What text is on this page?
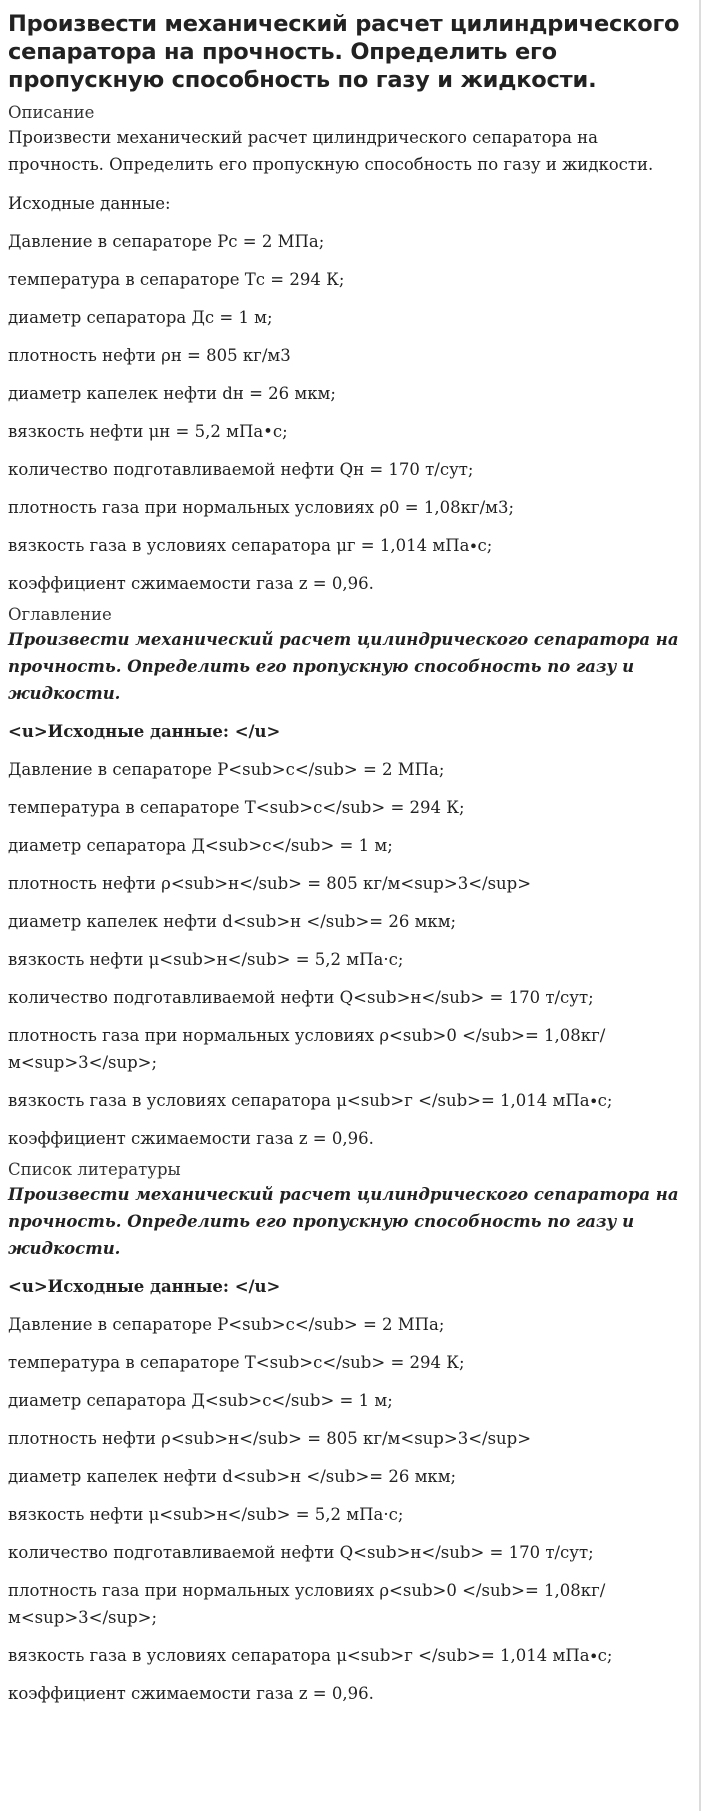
Произвести механический расчет цилиндрического сепаратора на прочность. Определить его пропускную способность по газу и жидкости.
Описание
Произвести механический расчет цилиндрического сепаратора на прочность. Определить его пропускную способность по газу и жидкости.
Исходные данные:
Давление в сепараторе Рс = 2 МПа;
температура в сепараторе Тс = 294 К;
диаметр сепаратора Дс = 1 м;
плотность нефти ρн = 805 кг/м3
диаметр капелек нефти dн = 26 мкм;
вязкость нефти μн = 5,2 мПа•с;
количество подготавливаемой нефти Qн = 170 т/сут;
плотность газа при нормальных условиях ρ0 = 1,08кг/м3;
вязкость газа в условиях сепаратора μг = 1,014 мПа∙с;
коэффициент сжимаемости газа z = 0,96.
Оглавление
Произвести механический расчет цилиндрического сепаратора на прочность. Определить его пропускную способность по газу и жидкости.
<u>Исходные данные: </u>
Давление в сепараторе Р<sub>с</sub> = 2 МПа;
температура в сепараторе Т<sub>с</sub> = 294 К;
диаметр сепаратора Д<sub>с</sub> = 1 м;
плотность нефти ρ<sub>н</sub> = 805 кг/м<sup>3</sup>
диаметр капелек нефти d<sub>н </sub>= 26 мкм;
вязкость нефти μ<sub>н</sub> = 5,2 мПа·с;
количество подготавливаемой нефти Q<sub>н</sub> = 170 т/сут;
плотность газа при нормальных условиях ρ<sub>0 </sub>= 1,08кг/м<sup>3</sup>;
вязкость газа в условиях сепаратора μ<sub>г </sub>= 1,014 мПа∙с;
коэффициент сжимаемости газа z = 0,96.
Список литературы
Произвести механический расчет цилиндрического сепаратора на прочность. Определить его пропускную способность по газу и жидкости.
<u>Исходные данные: </u>
Давление в сепараторе Р<sub>с</sub> = 2 МПа;
температура в сепараторе Т<sub>с</sub> = 294 К;
диаметр сепаратора Д<sub>с</sub> = 1 м;
плотность нефти ρ<sub>н</sub> = 805 кг/м<sup>3</sup>
диаметр капелек нефти d<sub>н </sub>= 26 мкм;
вязкость нефти μ<sub>н</sub> = 5,2 мПа·с;
количество подготавливаемой нефти Q<sub>н</sub> = 170 т/сут;
плотность газа при нормальных условиях ρ<sub>0 </sub>= 1,08кг/м<sup>3</sup>;
вязкость газа в условиях сепаратора μ<sub>г </sub>= 1,014 мПа∙с;
коэффициент сжимаемости газа z = 0,96.
